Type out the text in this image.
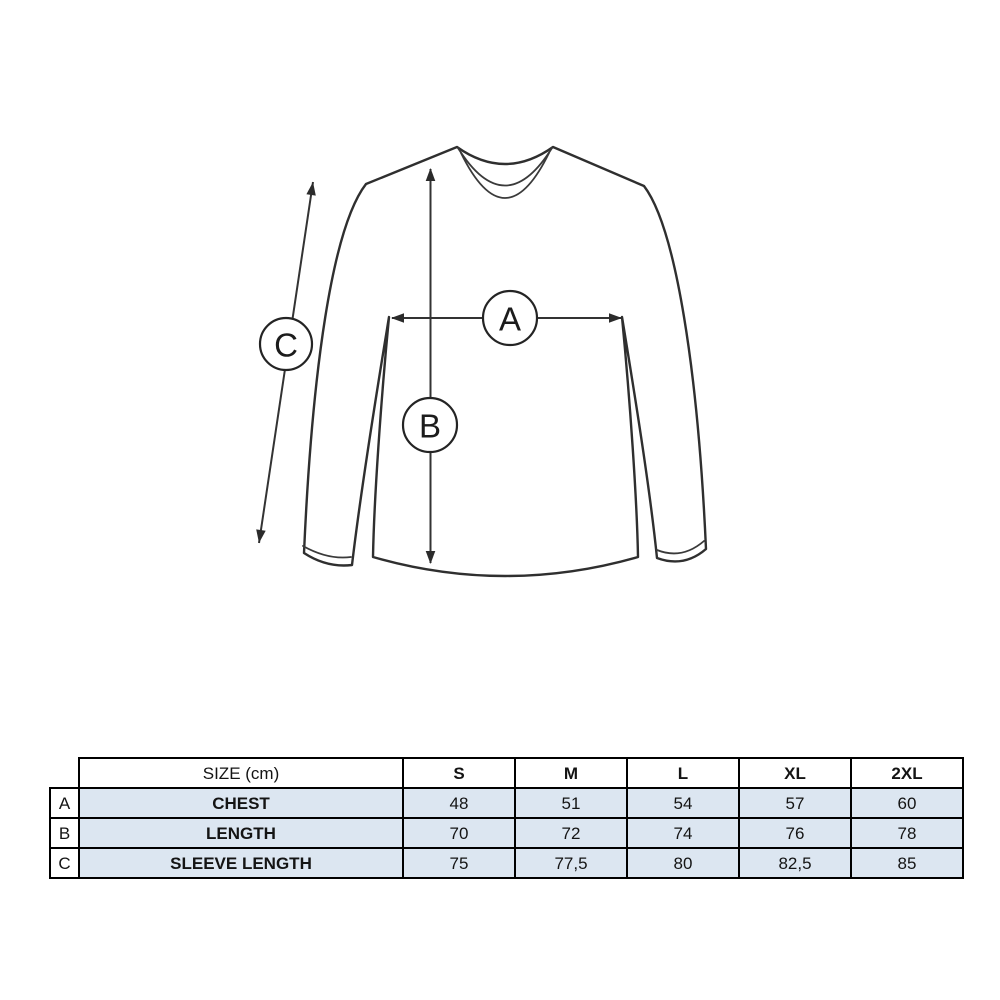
A
B
C
	SIZE (cm)	S	M	L	XL	2XL
A	CHEST	48	51	54	57	60
B	LENGTH	70	72	74	76	78
C	SLEEVE LENGTH	75	77,5	80	82,5	85
